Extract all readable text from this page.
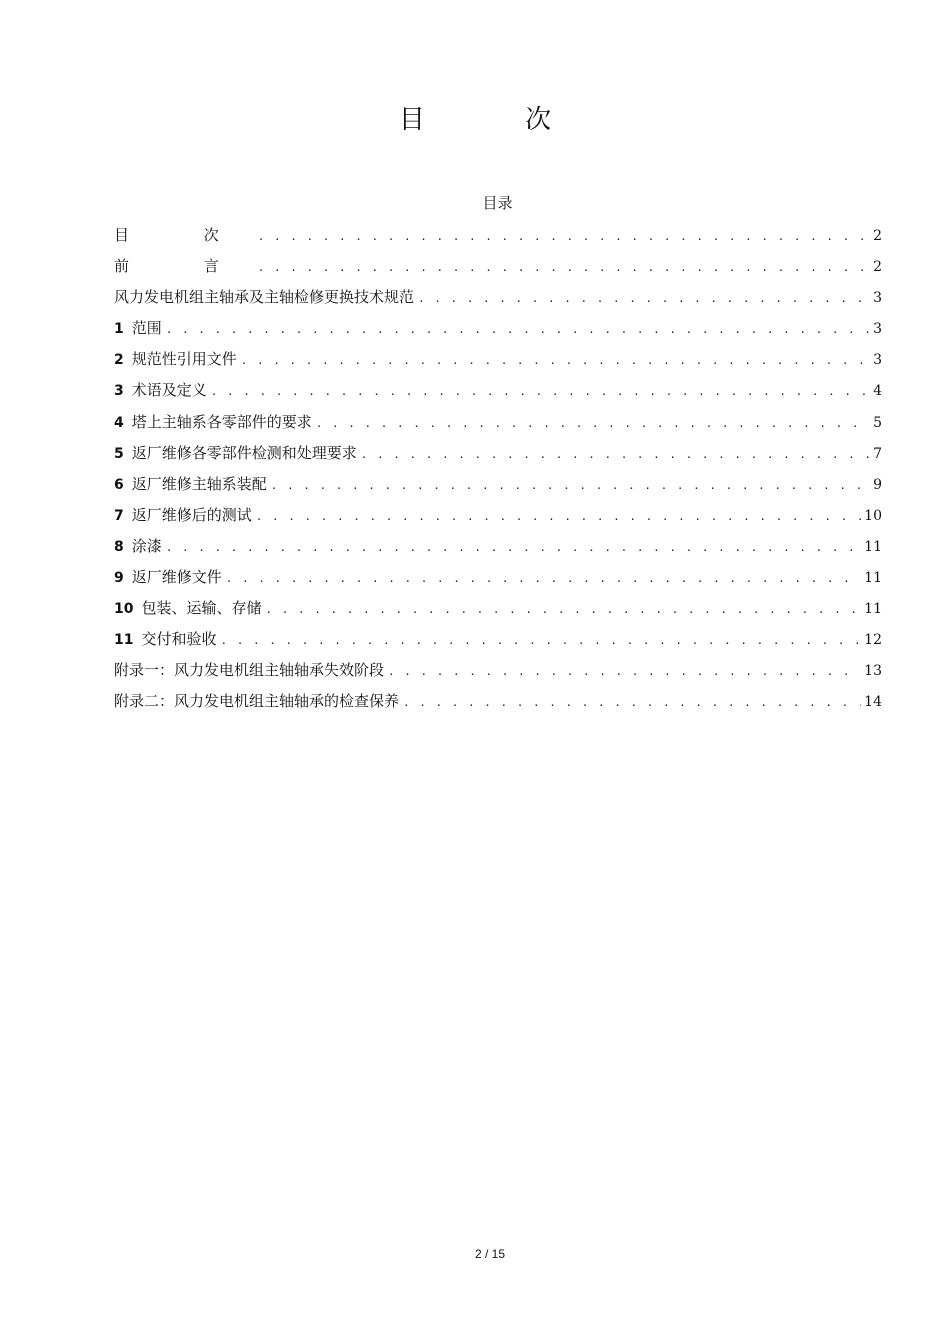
目 次
目录
目 次 . . .	2
前 言 . . .	2
风力发电机组主轴承及主轴检修更换技术规范 . . .	3
1 范围 . . .	3
2 规范性引用文件 . . .	3
3 术语及定义 . . .	4
4 塔上主轴系各零部件的要求 . . .	5
5 返厂维修各零部件检测和处理要求 . . .	7
6 返厂维修主轴系装配 . . .	9
7 返厂维修后的测试 . . .	10
8 涂漆 . . .	11
9 返厂维修文件 . . .	11
10 包装、运输、存储 . . .	11
11 交付和验收 . . .	12
附录一：风力发电机组主轴轴承失效阶段 . . .	13
附录二：风力发电机组主轴轴承的检查保养 . . .	14
2 / 15
